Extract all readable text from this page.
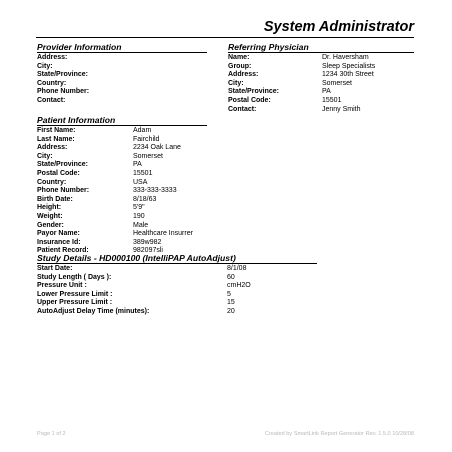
System Administrator
Provider Information
Address:
City:
State/Province:
Country:
Phone Number:
Contact:
Referring Physician
Name:	Dr. Haversham
Group:	Sleep Specialists
Address:	1234 30th Street
City:	Somerset
State/Province:	PA
Postal Code:	15501
Contact:	Jenny Smith
Patient Information
First Name:	Adam
Last Name:	Fairchild
Address:	2234 Oak Lane
City:	Somerset
State/Province:	PA
Postal Code:	15501
Country:	USA
Phone Number:	333-333-3333
Birth Date:	8/18/63
Height:	5'9"
Weight:	190
Gender:	Male
Payor Name:	Healthcare Insurrer
Insurance Id:	389w982
Patient Record:	982097sli
Study Details - HD000100 (IntelliPAP AutoAdjust)
Start Date:	8/1/08
Study Length ( Days ):	60
Pressure Unit :	cmH2O
Lower Pressure Limit :	5
Upper Pressure Limit :	15
AutoAdjust Delay Time (minutes):	20
Page 1 of 2	Created by SmartLink Report Generator Rev. 1.5.0 10/28/08
